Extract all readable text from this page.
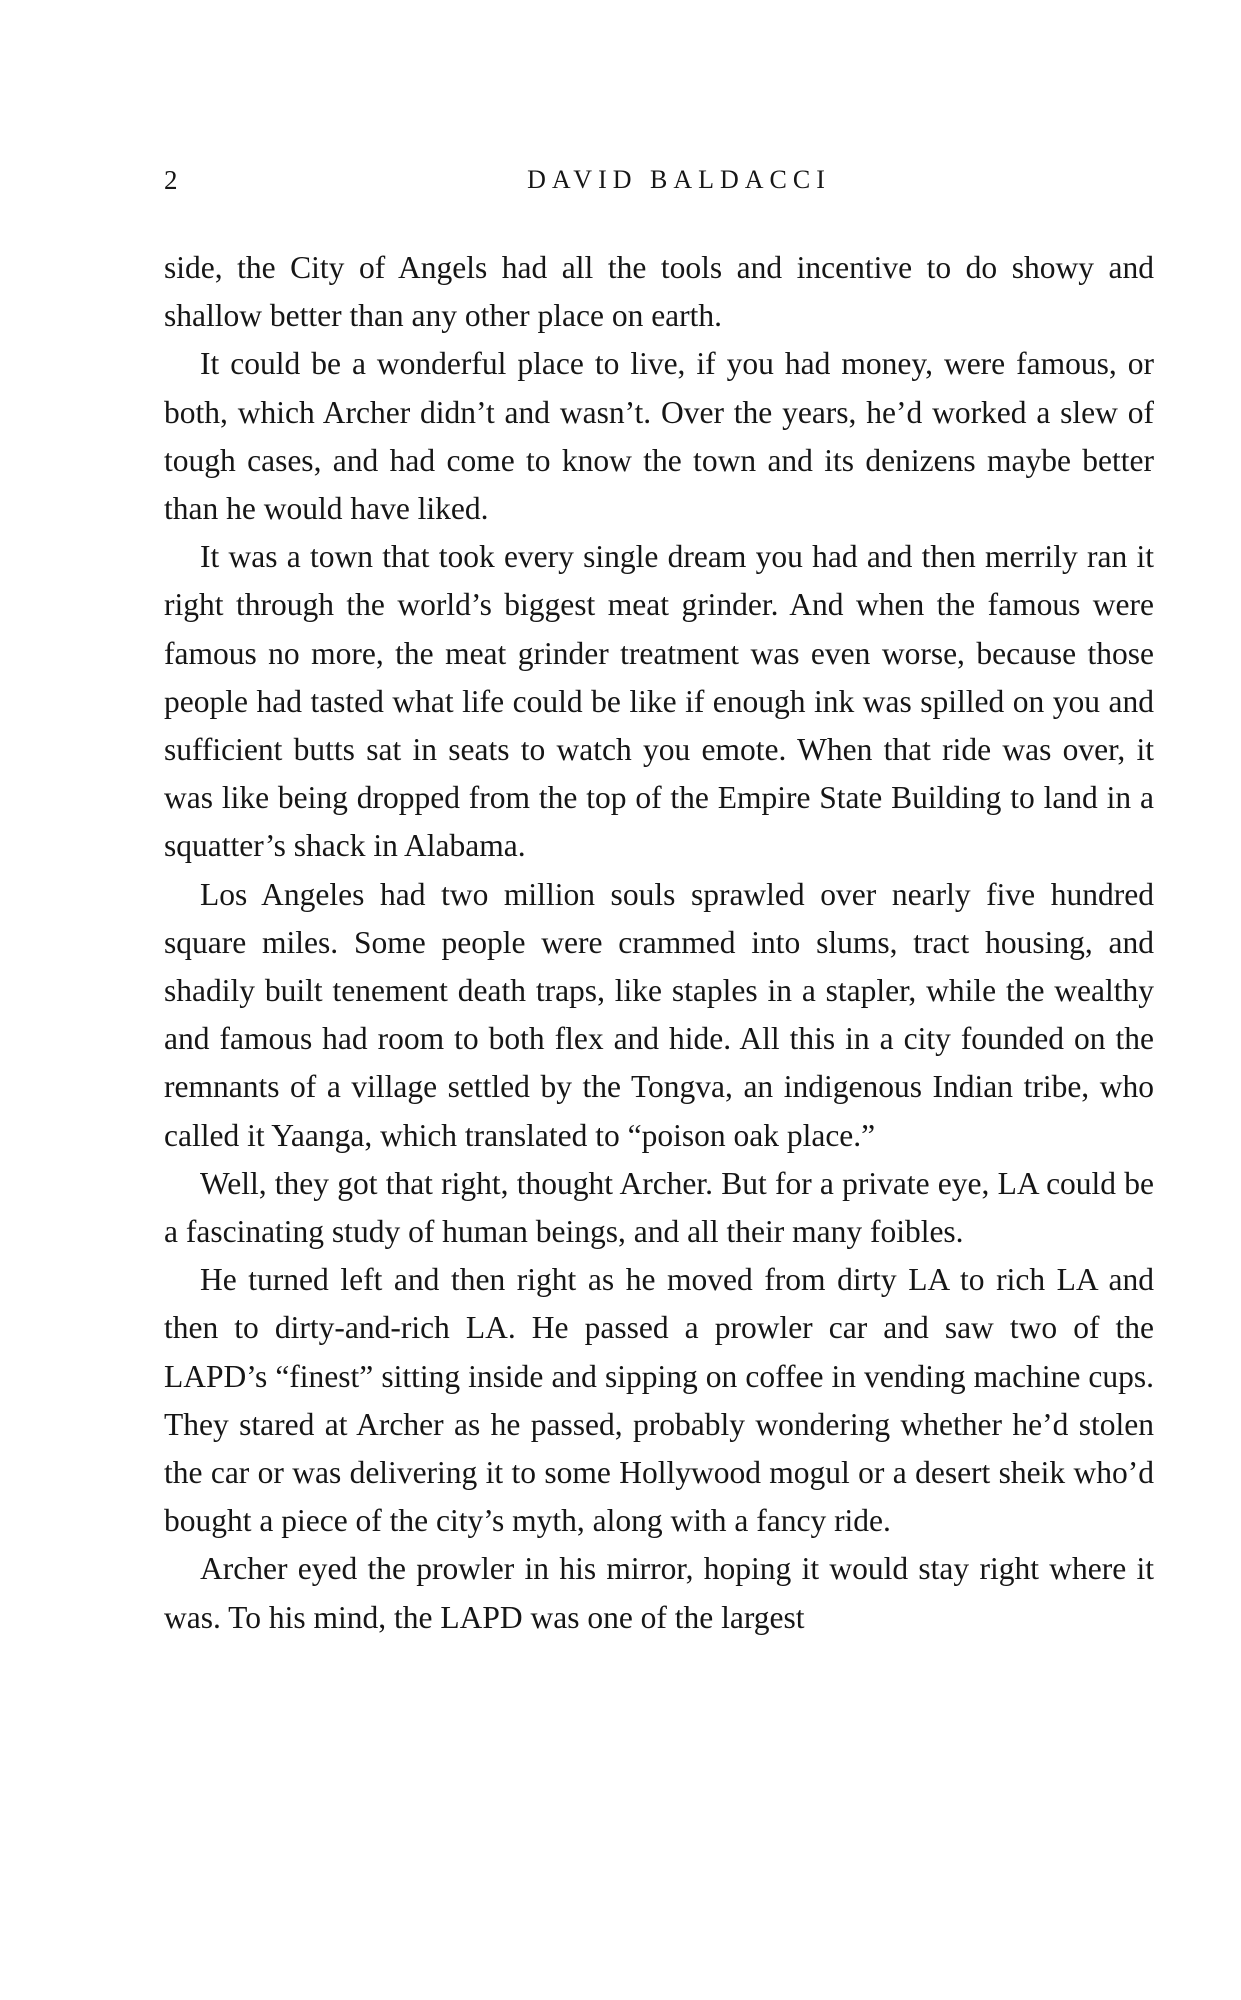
2	DAVID BALDACCI

side, the City of Angels had all the tools and incentive to do showy and shallow better than any other place on earth.

It could be a wonderful place to live, if you had money, were famous, or both, which Archer didn’t and wasn’t. Over the years, he’d worked a slew of tough cases, and had come to know the town and its denizens maybe better than he would have liked.

It was a town that took every single dream you had and then merrily ran it right through the world’s biggest meat grinder. And when the famous were famous no more, the meat grinder treatment was even worse, because those people had tasted what life could be like if enough ink was spilled on you and sufficient butts sat in seats to watch you emote. When that ride was over, it was like being dropped from the top of the Empire State Building to land in a squatter’s shack in Alabama.

Los Angeles had two million souls sprawled over nearly five hundred square miles. Some people were crammed into slums, tract housing, and shadily built tenement death traps, like staples in a stapler, while the wealthy and famous had room to both flex and hide. All this in a city founded on the remnants of a village settled by the Tongva, an indigenous Indian tribe, who called it Yaanga, which translated to “poison oak place.”

Well, they got that right, thought Archer. But for a private eye, LA could be a fascinating study of human beings, and all their many foibles.

He turned left and then right as he moved from dirty LA to rich LA and then to dirty-and-rich LA. He passed a prowler car and saw two of the LAPD’s “finest” sitting inside and sipping on coffee in vending machine cups. They stared at Archer as he passed, probably wondering whether he’d stolen the car or was delivering it to some Hollywood mogul or a desert sheik who’d bought a piece of the city’s myth, along with a fancy ride.

Archer eyed the prowler in his mirror, hoping it would stay right where it was. To his mind, the LAPD was one of the largest
